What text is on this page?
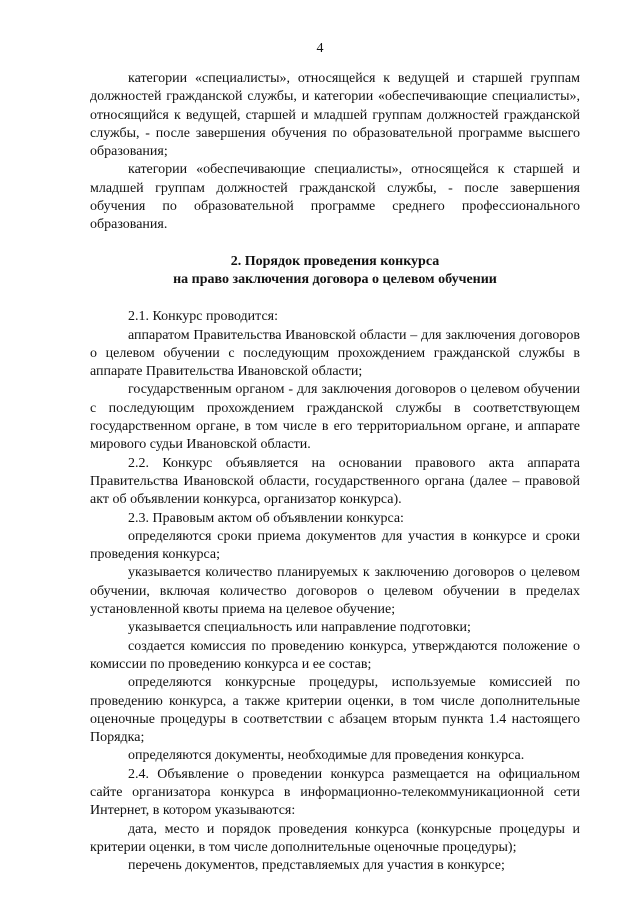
4

категории «специалисты», относящейся к ведущей и старшей группам должностей гражданской службы, и категории «обеспечивающие специалисты», относящийся к ведущей, старшей и младшей группам должностей гражданской службы, - после завершения обучения по образовательной программе высшего образования;

категории «обеспечивающие специалисты», относящейся к старшей и младшей группам должностей гражданской службы, - после завершения обучения по образовательной программе среднего профессионального образования.

2. Порядок проведения конкурса
на право заключения договора о целевом обучении

2.1. Конкурс проводится:

аппаратом Правительства Ивановской области – для заключения договоров о целевом обучении с последующим прохождением гражданской службы в аппарате Правительства Ивановской области;

государственным органом - для заключения договоров о целевом обучении с последующим прохождением гражданской службы в соответствующем государственном органе, в том числе в его территориальном органе, и аппарате мирового судьи Ивановской области.

2.2. Конкурс объявляется на основании правового акта аппарата Правительства Ивановской области, государственного органа (далее – правовой акт об объявлении конкурса, организатор конкурса).

2.3. Правовым актом об объявлении конкурса:

определяются сроки приема документов для участия в конкурсе и сроки проведения конкурса;

указывается количество планируемых к заключению договоров о целевом обучении, включая количество договоров о целевом обучении в пределах установленной квоты приема на целевое обучение;

указывается специальность или направление подготовки;

создается комиссия по проведению конкурса, утверждаются положение о комиссии по проведению конкурса и ее состав;

определяются конкурсные процедуры, используемые комиссией по проведению конкурса, а также критерии оценки, в том числе дополнительные оценочные процедуры в соответствии с абзацем вторым пункта 1.4 настоящего Порядка;

определяются документы, необходимые для проведения конкурса.

2.4. Объявление о проведении конкурса размещается на официальном сайте организатора конкурса в информационно-телекоммуникационной сети Интернет, в котором указываются:

дата, место и порядок проведения конкурса (конкурсные процедуры и критерии оценки, в том числе дополнительные оценочные процедуры);

перечень документов, представляемых для участия в конкурсе;
